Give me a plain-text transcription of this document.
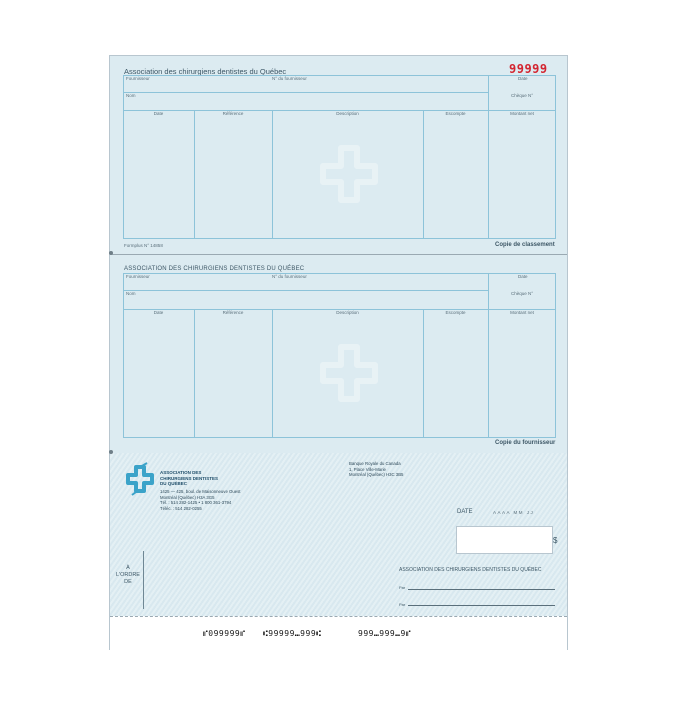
Association des chirurgiens dentistes du Québec	99999
Fournisseur	N° du fournisseur	Date
Nom	Chèque N°
Date	Référence	Description	Escompte	Montant net
Formplus N° 14858	Copie de classement
ASSOCIATION DES CHIRURGIENS DENTISTES DU QUÉBEC
Fournisseur	N° du fournisseur	Date
Nom	Chèque N°
Date	Référence	Description	Escompte	Montant net
Copie du fournisseur
ASSOCIATION DES
CHIRURGIENS DENTISTES
DU QUÉBEC
1425 — 425, boul. de Maisonneuve Ouest
Montréal (Québec) H3A 3G5
Tél. : 514 282-1425 • 1 800 361-3794
Téléc. : 514 282-0255
Banque Royale du Canada
1, Place Ville-Marie
Montréal (Québec) H3C 3B5
DATE	AAAA MM JJ
$
À
L'ORDRE
DE
ASSOCIATION DES CHIRURGIENS DENTISTES DU QUÉBEC
Par
Par
⑈099999⑈ ⑆99999⑉999⑆	999⑉999⑉9⑈
